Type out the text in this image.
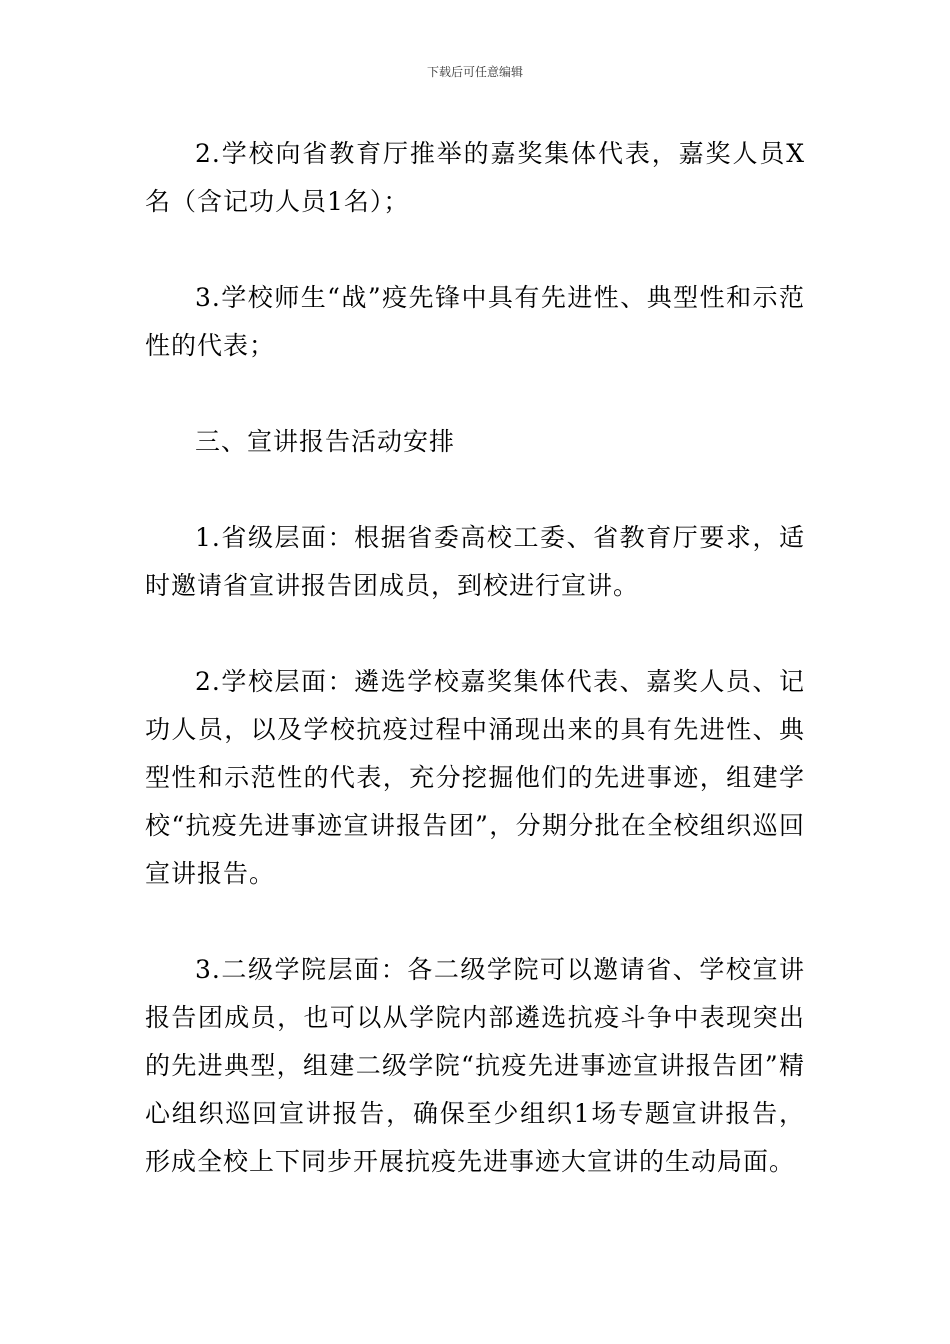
下载后可任意编辑

2.学校向省教育厅推举的嘉奖集体代表，嘉奖人员X名（含记功人员1名）；

3.学校师生“战”疫先锋中具有先进性、典型性和示范性的代表；

三、宣讲报告活动安排

1.省级层面：根据省委高校工委、省教育厅要求，适时邀请省宣讲报告团成员，到校进行宣讲。

2.学校层面：遴选学校嘉奖集体代表、嘉奖人员、记功人员，以及学校抗疫过程中涌现出来的具有先进性、典型性和示范性的代表，充分挖掘他们的先进事迹，组建学校“抗疫先进事迹宣讲报告团”，分期分批在全校组织巡回宣讲报告。

3.二级学院层面：各二级学院可以邀请省、学校宣讲报告团成员，也可以从学院内部遴选抗疫斗争中表现突出的先进典型，组建二级学院“抗疫先进事迹宣讲报告团”精心组织巡回宣讲报告，确保至少组织1场专题宣讲报告，形成全校上下同步开展抗疫先进事迹大宣讲的生动局面。
